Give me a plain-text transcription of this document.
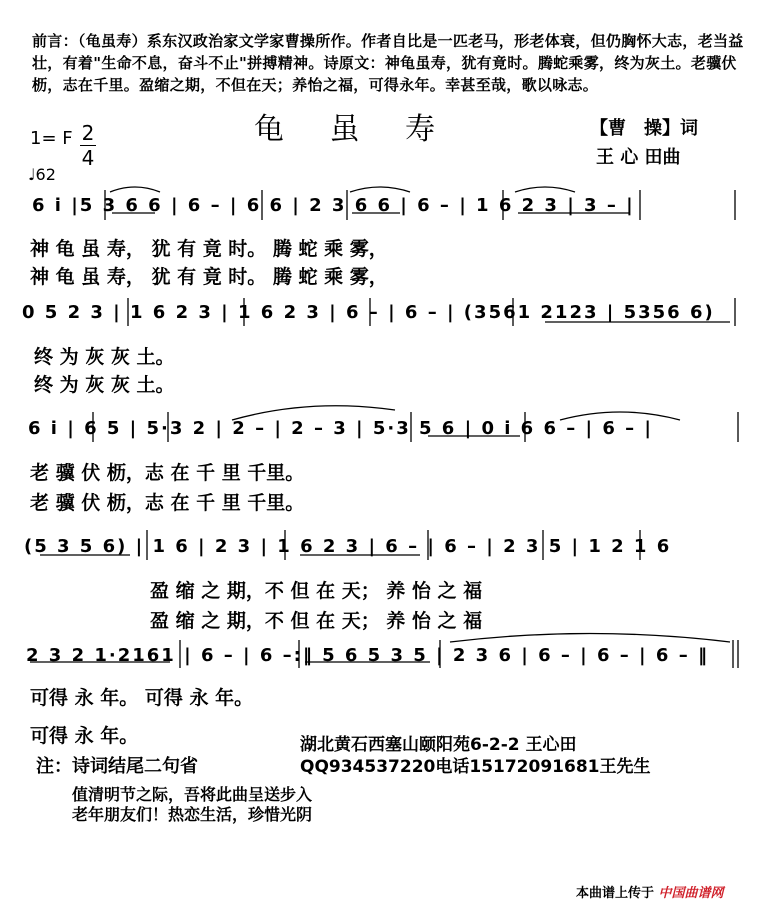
前言：（龟虽寿）系东汉政治家文学家曹操所作。作者自比是一匹老马，形老体衰，但仍胸怀大志，老当益壮，有着"生命不息，奋斗不止"拼搏精神。诗原文：神龟虽寿，犹有竟时。腾蛇乘雾，终为灰土。老骥伏枥，志在千里。盈缩之期，不但在天；养怡之福，可得永年。幸甚至哉，歌以咏志。
龟 虽 寿	【曹　操】词
王 心 田曲
1= F 2
4
♩62
6 i |5 3 6 6 | 6 – | 6 6 | 2 3 6 6 | 6 – | 1 6 2 3 | 3 – |
神 龟 虽 寿， 犹 有 竟 时。 腾 蛇 乘 雾，
神 龟 虽 寿， 犹 有 竟 时。 腾 蛇 乘 雾，
0 5 2 3 | 1 6 2 3 | 1 6 2 3 | 6 – | 6 – | (3561 2123 | 5356 6)
终 为 灰 灰 土。
终 为 灰 灰 土。
6 i | 6 5 | 5·3 2 | 2 – | 2 – 3 | 5·3 5 6 | 0 i 6 6 – | 6 – |
老 骥 伏 枥，志 在 千 里 千里。
老 骥 伏 枥，志 在 千 里 千里。
(5 3 5 6) | 1 6 | 2 3 | 1 6 2 3 | 6 – | 6 – | 2 3 5 | 1 2 1 6
盈 缩 之 期，不 但 在 天； 养 怡 之 福
盈 缩 之 期，不 但 在 天； 养 怡 之 福
2 3 2 1·2161 | 6 – | 6 –:‖ 5 6 5 3 5 | 2 3 6 | 6 – | 6 – | 6 – ‖
可得 永 年。 可得 永 年。
可得 永 年。	湖北黄石西塞山颐阳苑6-2-2 王心田
QQ934537220电话15172091681王先生
注：诗词结尾二句省
值清明节之际，吾将此曲呈送步入
老年朋友们！热恋生活，珍惜光阴
本曲谱上传于 中国曲谱网
